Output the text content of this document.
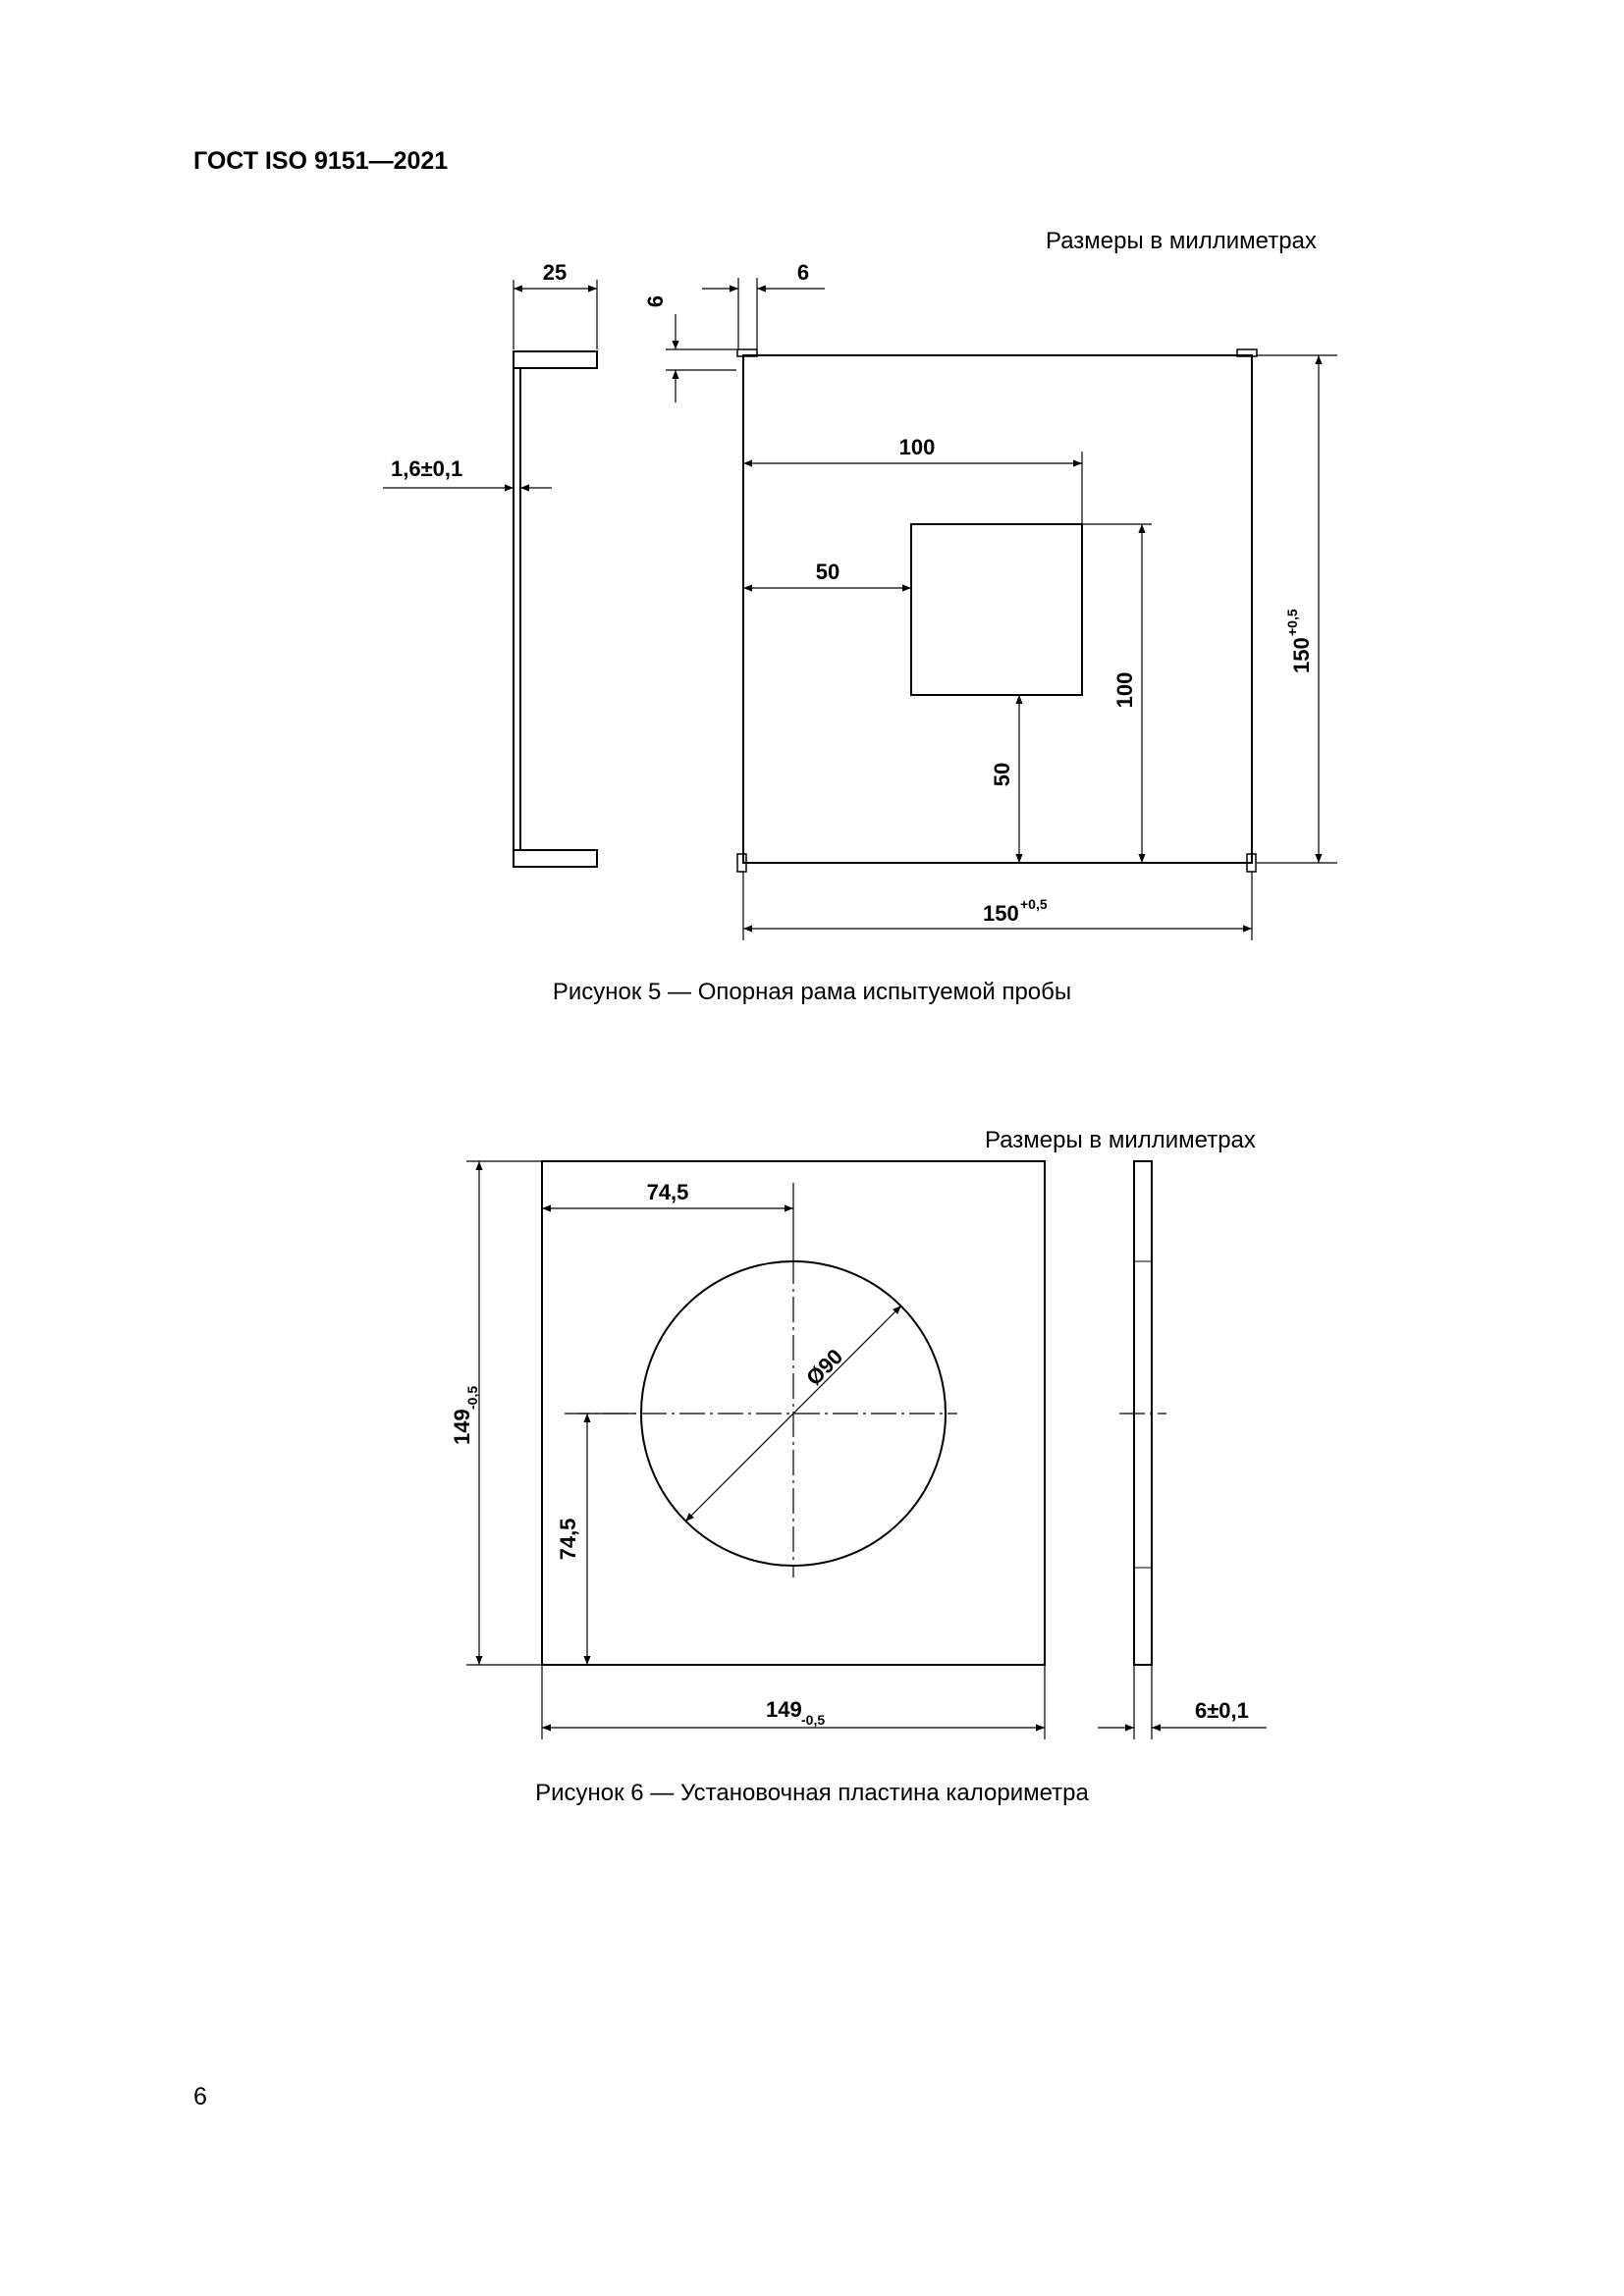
ГОСТ ISO 9151—2021
Размеры в миллиметрах
25	6
6
1,6±0,1
100
50
100
50
150
+0,5
150 +0,5
74,5
Ø90
74,5
149
-0,5
149 -0,5	6±0,1
Рисунок 5 — Опорная рама испытуемой пробы
Размеры в миллиметрах
Рисунок 6 — Установочная пластина калориметра
6
